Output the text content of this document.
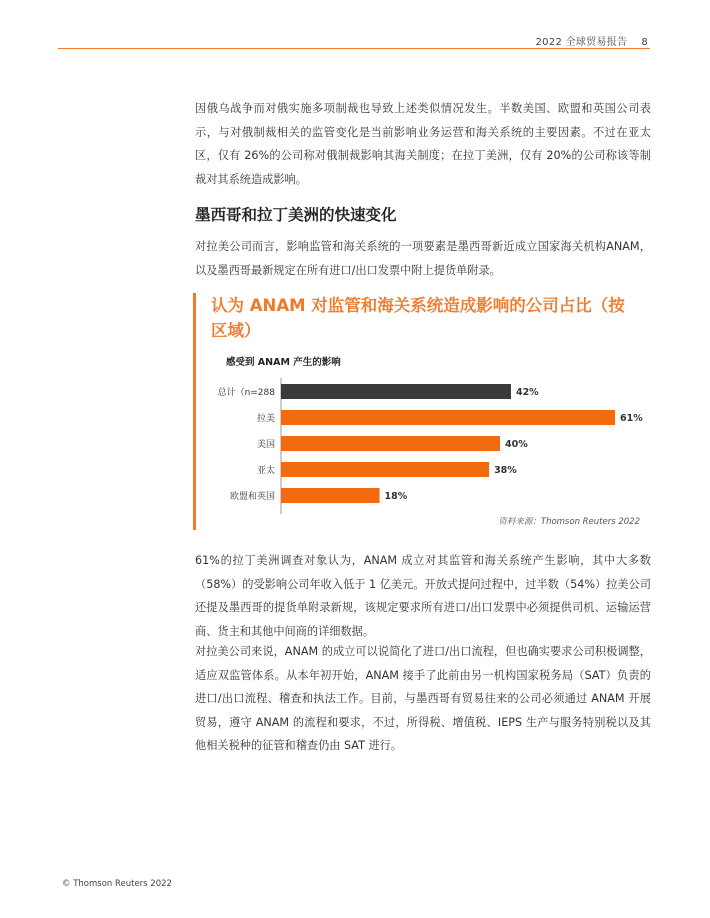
2022 全球贸易报告 8

因俄乌战争而对俄实施多项制裁也导致上述类似情况发生。半数美国、欧盟和英国公司表示，与对俄制裁相关的监管变化是当前影响业务运营和海关系统的主要因素。不过在亚太区，仅有 26%的公司称对俄制裁影响其海关制度；在拉丁美洲，仅有 20%的公司称该等制裁对其系统造成影响。

墨西哥和拉丁美洲的快速变化

对拉美公司而言，影响监管和海关系统的一项要素是墨西哥新近成立国家海关机构ANAM，以及墨西哥最新规定在所有进口/出口发票中附上提货单附录。

认为 ANAM 对监管和海关系统造成影响的公司占比（按区域）
感受到 ANAM 产生的影响
总计（n=288	42%
拉美	61%
美国	40%
亚太	38%
欧盟和英国	18%
资料来源：Thomson Reuters 2022

61%的拉丁美洲调查对象认为，ANAM 成立对其监管和海关系统产生影响，其中大多数（58%）的受影响公司年收入低于 1 亿美元。开放式提问过程中，过半数（54%）拉美公司还提及墨西哥的提货单附录新规，该规定要求所有进口/出口发票中必须提供司机、运输运营商、货主和其他中间商的详细数据。

对拉美公司来说，ANAM 的成立可以说简化了进口/出口流程，但也确实要求公司积极调整，适应双监管体系。从本年初开始，ANAM 接手了此前由另一机构国家税务局（SAT）负责的进口/出口流程、稽查和执法工作。目前，与墨西哥有贸易往来的公司必须通过 ANAM 开展贸易，遵守 ANAM 的流程和要求，不过，所得税、增值税、IEPS 生产与服务特别税以及其他相关税种的征管和稽查仍由 SAT 进行。

© Thomson Reuters 2022
